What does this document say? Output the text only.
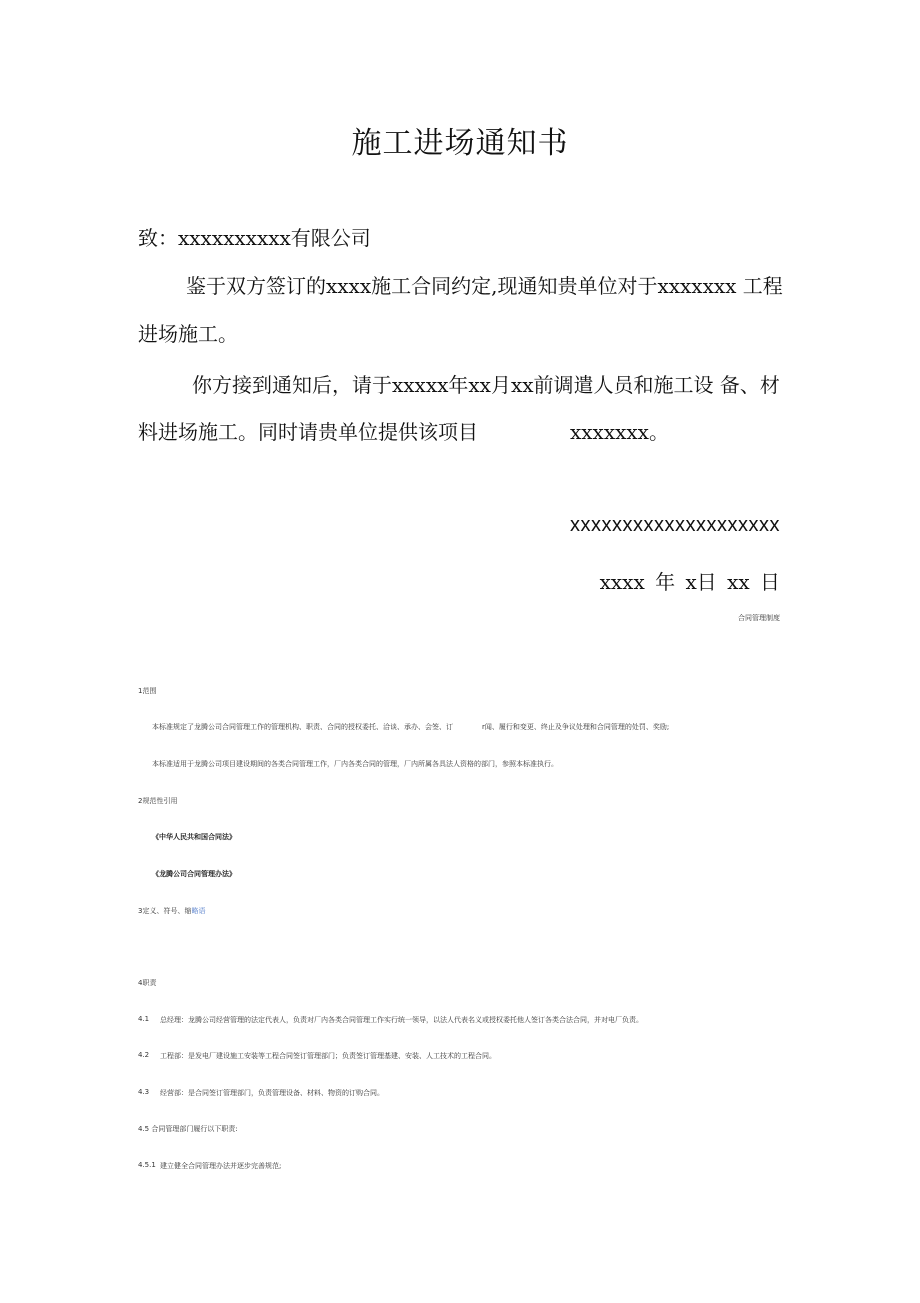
施工进场通知书
致：xxxxxxxxxx有限公司
鉴于双方签订的xxxx施工合同约定,现通知贵单位对于xxxxxxx 工程
进场施工。
你方接到通知后，请于xxxxx年xx月xx前调遣人员和施工设 备、材
料进场施工。同时请贵单位提供该项目	xxxxxxx。
xxxxxxxxxxxxxxxxxxxx
xxxx 年 x日 xx 日
合同管理制度
1范围
本标准规定了龙腾公司合同管理工作的管理机构、职责、合同的授权委托、洽谈、承办、会签、订	r闻、履行和变更、终止及争议处理和合同管理的处罚、奖励;
本标准适用于龙腾公司项目建设期间的各类合同管理工作，厂内各类合同的管理，厂内所属各具法人资格的部门，参照本标准执行。
2规范性引用
《中华人民共和国合同法》
《龙腾公司合同管理办法》
3定义、符号、缩略语
4职责
4.1 总经理：龙腾公司经营管理的法定代表人，负责对厂内各类合同管理工作实行统一领导，以法人代表名义或授权委托他人签订各类合法合同，并对电厂负责。
4.2 工程部：是发电厂建设施工安装等工程合同签订管理部门；负责签订管理基建、安装、人工技术的工程合同。
4.3 经营部：是合同签订管理部门，负责管理设备、材料、物资的订购合同。
4.5 合同管理部门履行以下职责:
4.5.1 建立健全合同管理办法并逐步完善规范;
